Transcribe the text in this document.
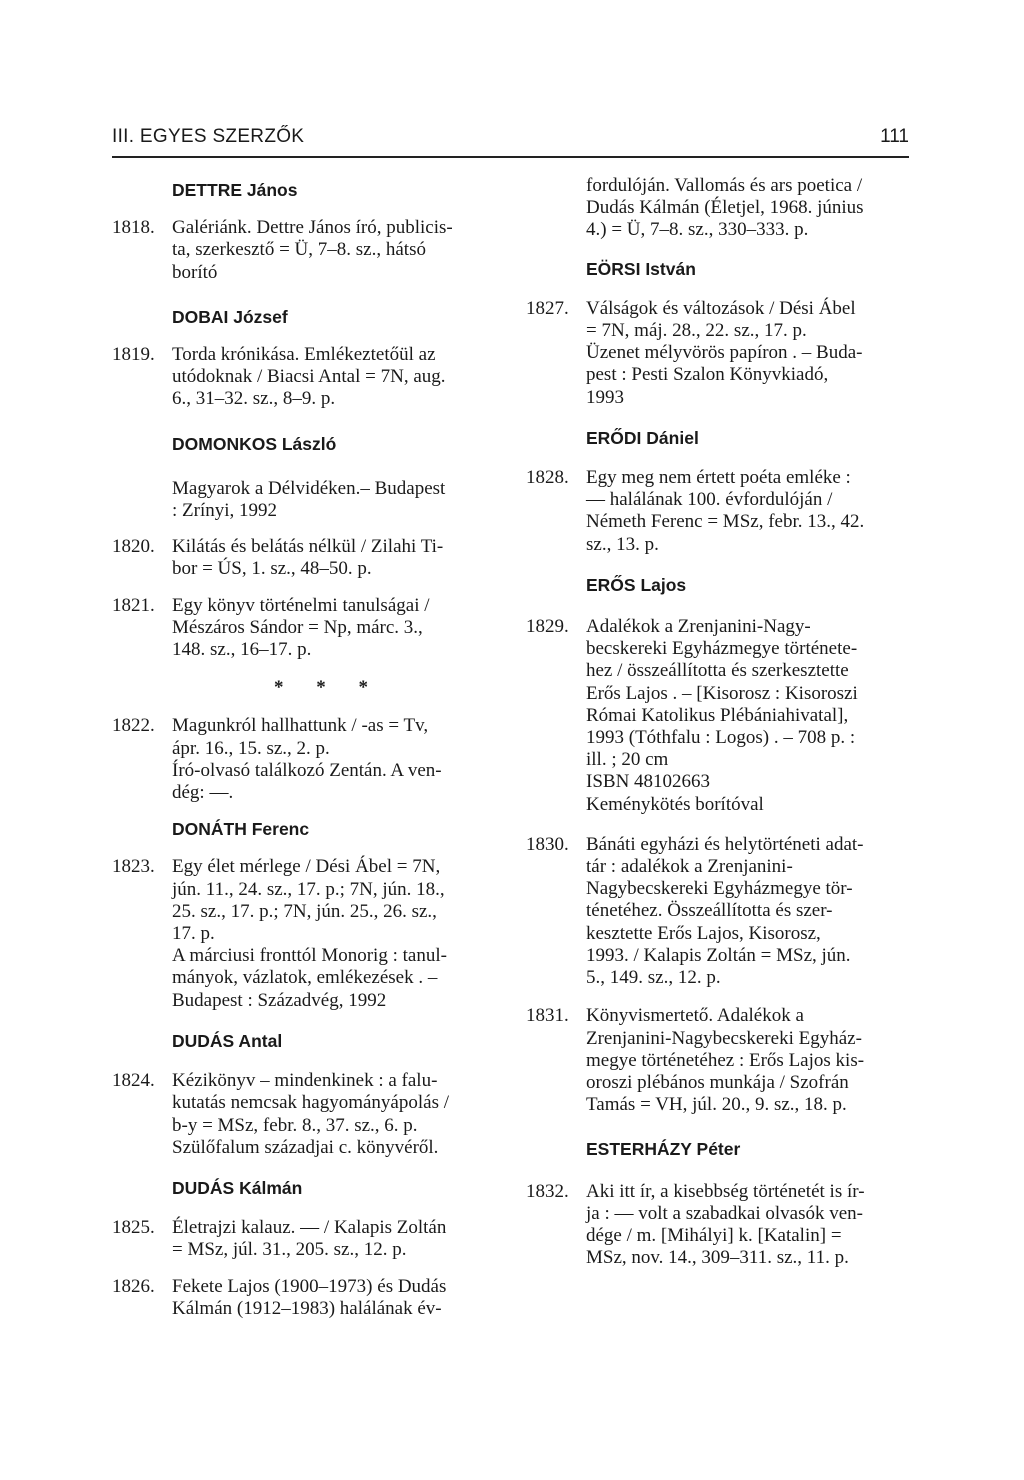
III. EGYES SZERZŐK	111
DETTRE János
1818. Galériánk. Dettre János író, publicis-
ta, szerkesztő = Ü, 7–8. sz., hátsó
borító
DOBAI József
1819. Torda krónikása. Emlékeztetőül az
utódoknak / Biacsi Antal = 7N, aug.
6., 31–32. sz., 8–9. p.
DOMONKOS László
Magyarok a Délvidéken.– Budapest
: Zrínyi, 1992
1820. Kilátás és belátás nélkül / Zilahi Ti-
bor = ÚS, 1. sz., 48–50. p.
1821. Egy könyv történelmi tanulságai /
Mészáros Sándor = Np, márc. 3.,
148. sz., 16–17. p.
* * *
1822. Magunkról hallhattunk / -as = Tv,
ápr. 16., 15. sz., 2. p.
Író-olvasó találkozó Zentán. A ven-
dég: —.
DONÁTH Ferenc
1823. Egy élet mérlege / Dési Ábel = 7N,
jún. 11., 24. sz., 17. p.; 7N, jún. 18.,
25. sz., 17. p.; 7N, jún. 25., 26. sz.,
17. p.
A márciusi fronttól Monorig : tanul-
mányok, vázlatok, emlékezések . –
Budapest : Századvég, 1992
DUDÁS Antal
1824. Kézikönyv – mindenkinek : a falu-
kutatás nemcsak hagyományápolás /
b-y = MSz, febr. 8., 37. sz., 6. p.
Szülőfalum századjai c. könyvéről.
DUDÁS Kálmán
1825. Életrajzi kalauz. — / Kalapis Zoltán
= MSz, júl. 31., 205. sz., 12. p.
1826. Fekete Lajos (1900–1973) és Dudás
Kálmán (1912–1983) halálának év-
fordulóján. Vallomás és ars poetica /
Dudás Kálmán (Életjel, 1968. június
4.) = Ü, 7–8. sz., 330–333. p.
EÖRSI István
1827. Válságok és változások / Dési Ábel
= 7N, máj. 28., 22. sz., 17. p.
Üzenet mélyvörös papíron . – Buda-
pest : Pesti Szalon Könyvkiadó,
1993
ERŐDI Dániel
1828. Egy meg nem értett poéta emléke :
— halálának 100. évfordulóján /
Németh Ferenc = MSz, febr. 13., 42.
sz., 13. p.
ERŐS Lajos
1829. Adalékok a Zrenjanini-Nagy-
becskereki Egyházmegye története-
hez / összeállította és szerkesztette
Erős Lajos . – [Kisorosz : Kisoroszi
Római Katolikus Plébániahivatal],
1993 (Tóthfalu : Logos) . – 708 p. :
ill. ; 20 cm
ISBN 48102663
Keménykötés borítóval
1830. Bánáti egyházi és helytörténeti adat-
tár : adalékok a Zrenjanini-
Nagybecskereki Egyházmegye tör-
ténetéhez. Összeállította és szer-
kesztette Erős Lajos, Kisorosz,
1993. / Kalapis Zoltán = MSz, jún.
5., 149. sz., 12. p.
1831. Könyvismertető. Adalékok a
Zrenjanini-Nagybecskereki Egyház-
megye történetéhez : Erős Lajos kis-
oroszi plébános munkája / Szofrán
Tamás = VH, júl. 20., 9. sz., 18. p.
ESTERHÁZY Péter
1832. Aki itt ír, a kisebbség történetét is ír-
ja : — volt a szabadkai olvasók ven-
dége / m. [Mihályi] k. [Katalin] =
MSz, nov. 14., 309–311. sz., 11. p.
